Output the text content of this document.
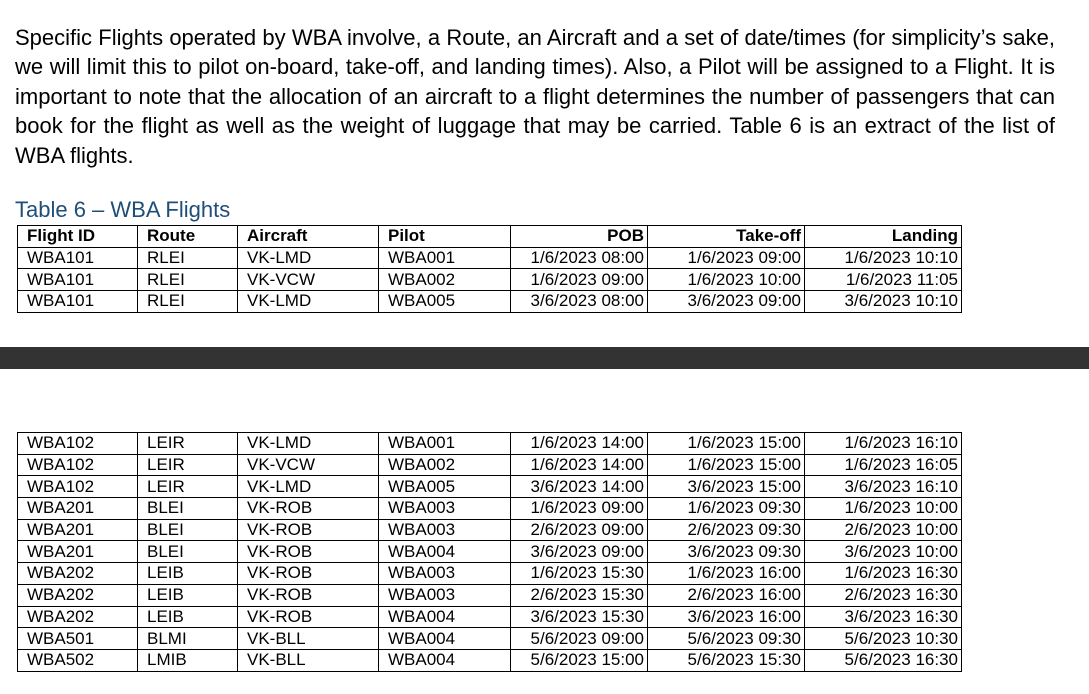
Specific Flights operated by WBA involve, a Route, an Aircraft and a set of date/times (for simplicity’s sake, we will limit this to pilot on-board, take-off, and landing times). Also, a Pilot will be assigned to a Flight. It is important to note that the allocation of an aircraft to a flight determines the number of passengers that can book for the flight as well as the weight of luggage that may be carried. Table 6 is an extract of the list of WBA flights.

Table 6 – WBA Flights

Flight ID	Route	Aircraft	Pilot	POB	Take-off	Landing
WBA101	RLEI	VK-LMD	WBA001	1/6/2023 08:00	1/6/2023 09:00	1/6/2023 10:10
WBA101	RLEI	VK-VCW	WBA002	1/6/2023 09:00	1/6/2023 10:00	1/6/2023 11:05
WBA101	RLEI	VK-LMD	WBA005	3/6/2023 08:00	3/6/2023 09:00	3/6/2023 10:10
WBA102	LEIR	VK-LMD	WBA001	1/6/2023 14:00	1/6/2023 15:00	1/6/2023 16:10
WBA102	LEIR	VK-VCW	WBA002	1/6/2023 14:00	1/6/2023 15:00	1/6/2023 16:05
WBA102	LEIR	VK-LMD	WBA005	3/6/2023 14:00	3/6/2023 15:00	3/6/2023 16:10
WBA201	BLEI	VK-ROB	WBA003	1/6/2023 09:00	1/6/2023 09:30	1/6/2023 10:00
WBA201	BLEI	VK-ROB	WBA003	2/6/2023 09:00	2/6/2023 09:30	2/6/2023 10:00
WBA201	BLEI	VK-ROB	WBA004	3/6/2023 09:00	3/6/2023 09:30	3/6/2023 10:00
WBA202	LEIB	VK-ROB	WBA003	1/6/2023 15:30	1/6/2023 16:00	1/6/2023 16:30
WBA202	LEIB	VK-ROB	WBA003	2/6/2023 15:30	2/6/2023 16:00	2/6/2023 16:30
WBA202	LEIB	VK-ROB	WBA004	3/6/2023 15:30	3/6/2023 16:00	3/6/2023 16:30
WBA501	BLMI	VK-BLL	WBA004	5/6/2023 09:00	5/6/2023 09:30	5/6/2023 10:30
WBA502	LMIB	VK-BLL	WBA004	5/6/2023 15:00	5/6/2023 15:30	5/6/2023 16:30
